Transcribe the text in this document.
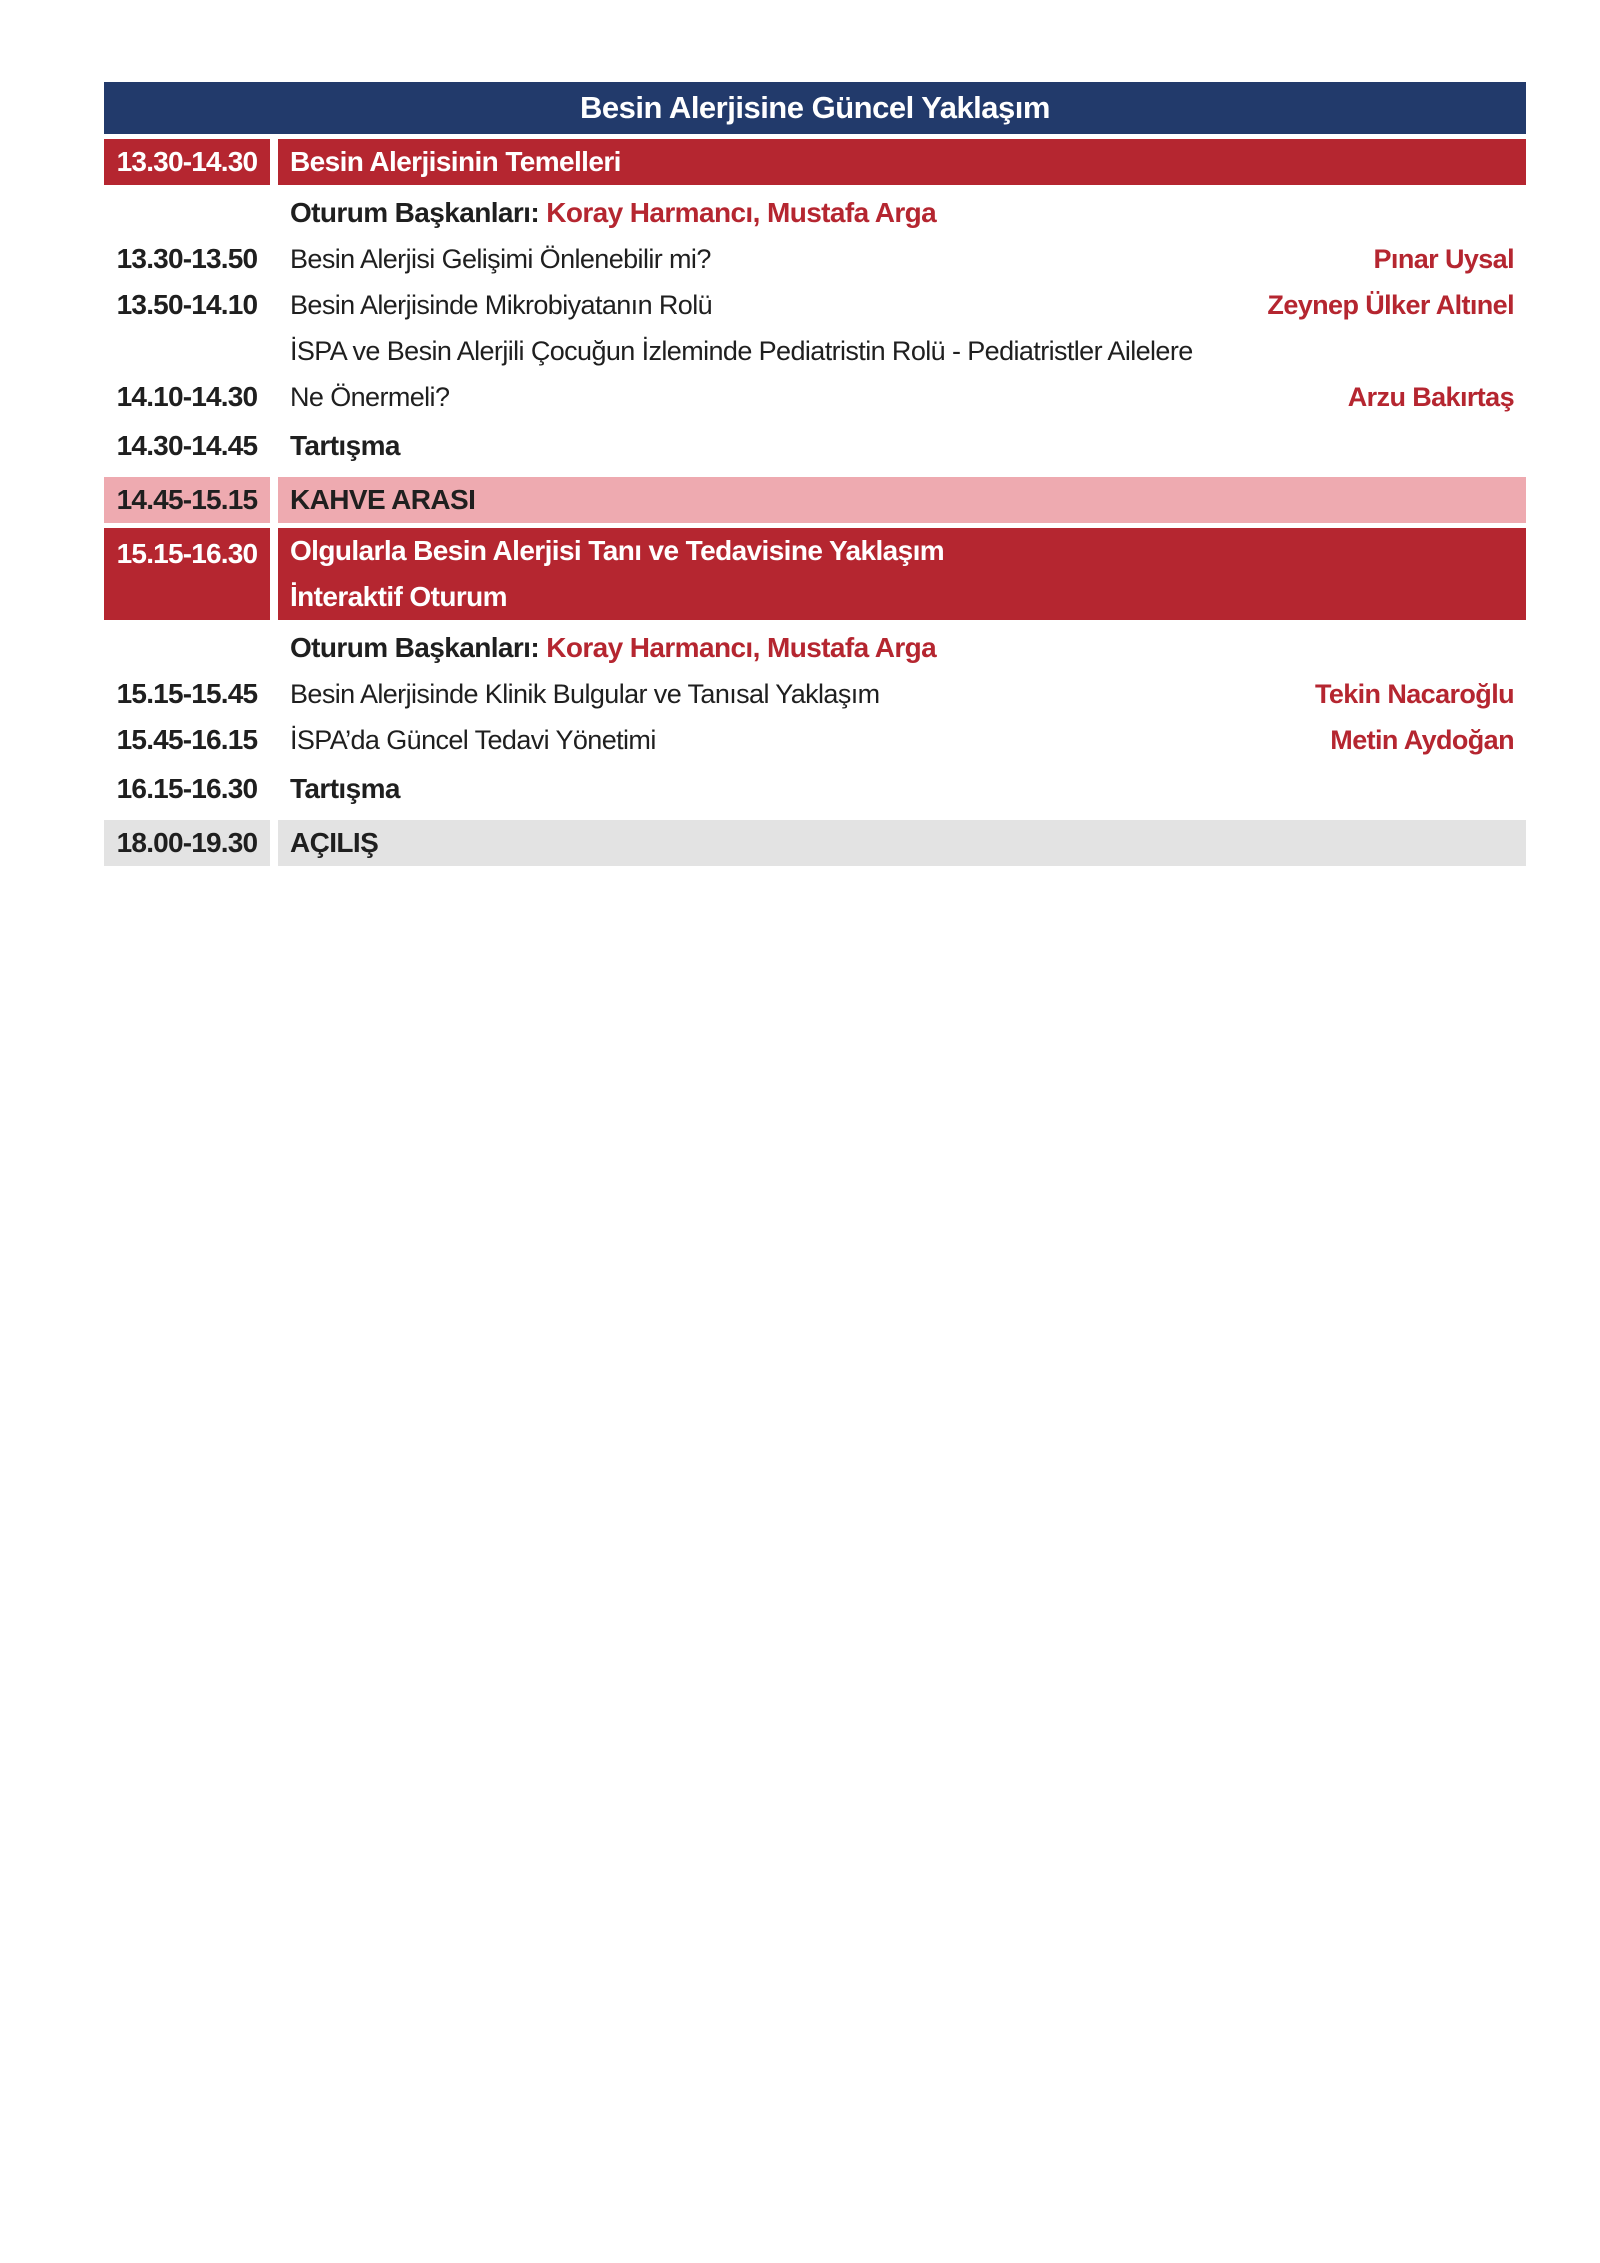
Besin Alerjisine Güncel Yaklaşım
13.30-14.30	Besin Alerjisinin Temelleri
Oturum Başkanları: Koray Harmancı, Mustafa Arga
13.30-13.50	Besin Alerjisi Gelişimi Önlenebilir mi?	Pınar Uysal
13.50-14.10	Besin Alerjisinde Mikrobiyatanın Rolü	Zeynep Ülker Altınel
İSPA ve Besin Alerjili Çocuğun İzleminde Pediatristin Rolü - Pediatristler Ailelere
14.10-14.30	Ne Önermeli?	Arzu Bakırtaş
14.30-14.45	Tartışma
14.45-15.15	KAHVE ARASI
15.15-16.30	Olgularla Besin Alerjisi Tanı ve Tedavisine Yaklaşım
İnteraktif Oturum
Oturum Başkanları: Koray Harmancı, Mustafa Arga
15.15-15.45	Besin Alerjisinde Klinik Bulgular ve Tanısal Yaklaşım	Tekin Nacaroğlu
15.45-16.15	İSPA’da Güncel Tedavi Yönetimi	Metin Aydoğan
16.15-16.30	Tartışma
18.00-19.30	AÇILIŞ
